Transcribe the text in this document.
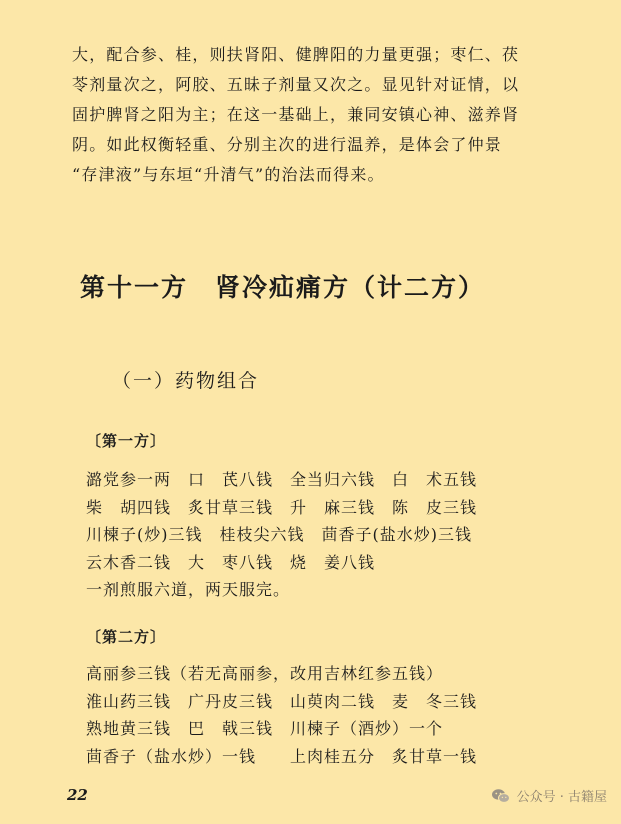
大，配合参、桂，则扶肾阳、健脾阳的力量更强；枣仁、茯
苓剂量次之，阿胶、五昧子剂量又次之。显见针对证情，以
固护脾肾之阳为主；在这一基础上，兼同安镇心神、滋养肾
阴。如此权衡轻重、分别主次的进行温养，是体会了仲景
“存津液”与东垣“升清气”的治法而得来。
第十一方　肾冷疝痛方（计二方）
（一）药物组合
〔第一方〕
潞党参一两　口　芪八钱　全当归六钱　白　术五钱
柴　胡四钱　炙甘草三钱　升　麻三钱　陈　皮三钱
川楝子(炒)三钱　桂枝尖六钱　茴香子(盐水炒)三钱
云木香二钱　大　枣八钱　烧　姜八钱
一剂煎服六道，两天服完。
〔第二方〕
高丽参三钱（若无高丽参，改用吉林红参五钱）
淮山药三钱　广丹皮三钱　山萸肉二钱　麦　冬三钱
熟地黄三钱　巴　戟三钱　川楝子（酒炒）一个
茴香子（盐水炒）一钱　　上肉桂五分　炙甘草一钱
22	公众号 · 古籍屋
